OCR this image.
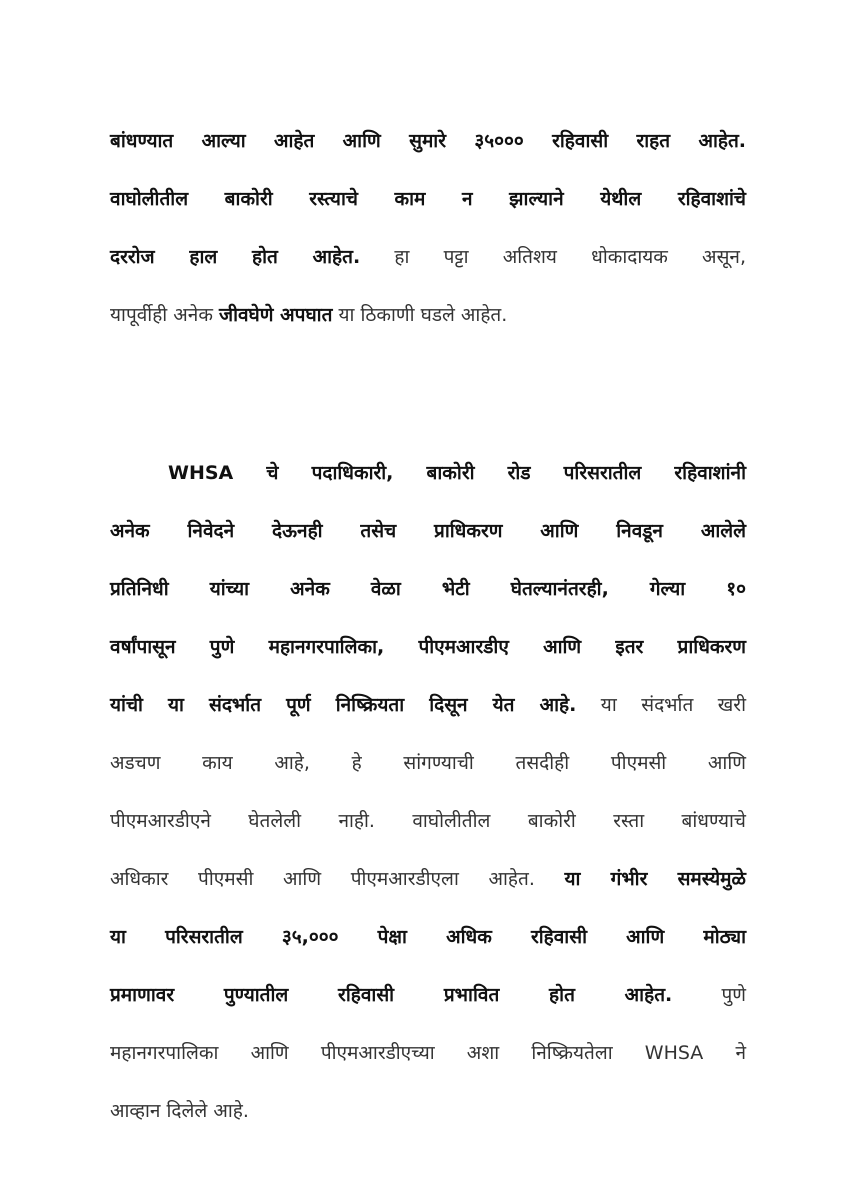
बांधण्यात आल्या आहेत आणि सुमारे ३५००० रहिवासी राहत आहेत.

वाघोलीतील बाकोरी रस्त्याचे काम न झाल्याने येथील रहिवाशांचे

दररोज हाल होत आहेत. हा पट्टा अतिशय धोकादायक असून,

यापूर्वीही अनेक जीवघेणे अपघात या ठिकाणी घडले आहेत.

WHSA चे पदाधिकारी, बाकोरी रोड परिसरातील रहिवाशांनी

अनेक निवेदने देऊनही तसेच प्राधिकरण आणि निवडून आलेले

प्रतिनिधी यांच्या अनेक वेळा भेटी घेतल्यानंतरही, गेल्या १०

वर्षांपासून पुणे महानगरपालिका, पीएमआरडीए आणि इतर प्राधिकरण

यांची या संदर्भात पूर्ण निष्क्रियता दिसून येत आहे. या संदर्भात खरी

अडचण काय आहे, हे सांगण्याची तसदीही पीएमसी आणि

पीएमआरडीएने घेतलेली नाही. वाघोलीतील बाकोरी रस्ता बांधण्याचे

अधिकार पीएमसी आणि पीएमआरडीएला आहेत. या गंभीर समस्येमुळे

या परिसरातील ३५,००० पेक्षा अधिक रहिवासी आणि मोठ्या

प्रमाणावर पुण्यातील रहिवासी प्रभावित होत आहेत. पुणे

महानगरपालिका आणि पीएमआरडीएच्या अशा निष्क्रियतेला WHSA ने

आव्हान दिलेले आहे.
